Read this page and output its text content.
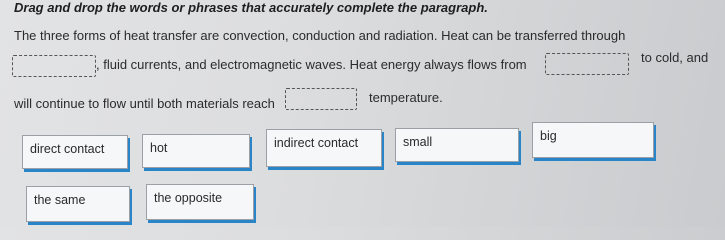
Drag and drop the words or phrases that accurately complete the paragraph.
The three forms of heat transfer are convection, conduction and radiation. Heat can be transferred through
, fluid currents, and electromagnetic waves. Heat energy always flows from	to cold, and
will continue to flow until both materials reach	temperature.
direct contact	hot	indirect contact	small	big
the same	the opposite
